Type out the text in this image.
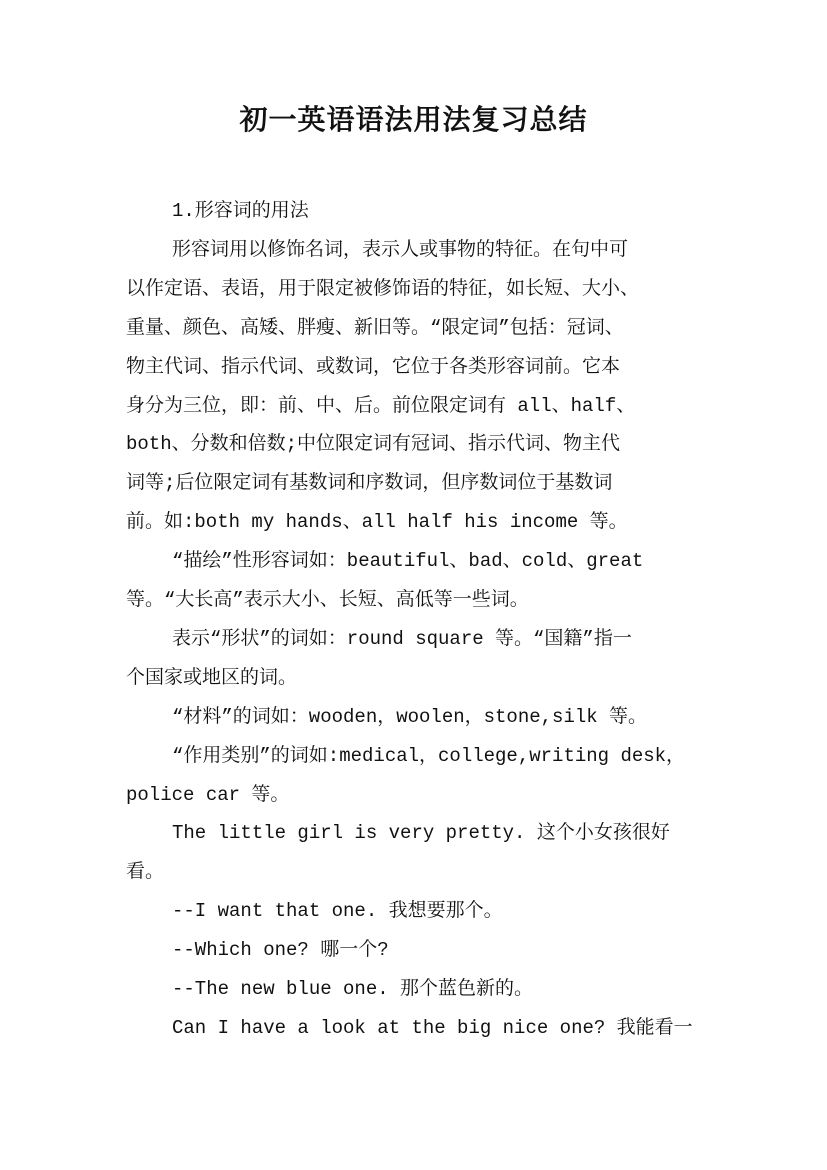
初一英语语法用法复习总结

1.形容词的用法

形容词用以修饰名词，表示人或事物的特征。在句中可

以作定语、表语，用于限定被修饰语的特征，如长短、大小、

重量、颜色、高矮、胖瘦、新旧等。“限定词”包括：冠词、

物主代词、指示代词、或数词，它位于各类形容词前。它本

身分为三位，即：前、中、后。前位限定词有 all、half、

both、分数和倍数;中位限定词有冠词、指示代词、物主代

词等;后位限定词有基数词和序数词，但序数词位于基数词

前。如:both my hands、all half his income 等。

“描绘”性形容词如：beautiful、bad、cold、great

等。“大长高”表示大小、长短、高低等一些词。

表示“形状”的词如：round square 等。“国籍”指一

个国家或地区的词。

“材料”的词如：wooden，woolen，stone,silk 等。

“作用类别”的词如:medical，college,writing desk，

police car 等。

The little girl is very pretty. 这个小女孩很好

看。

--I want that one. 我想要那个。

--Which one? 哪一个?

--The new blue one. 那个蓝色新的。

Can I have a look at the big nice one? 我能看一
